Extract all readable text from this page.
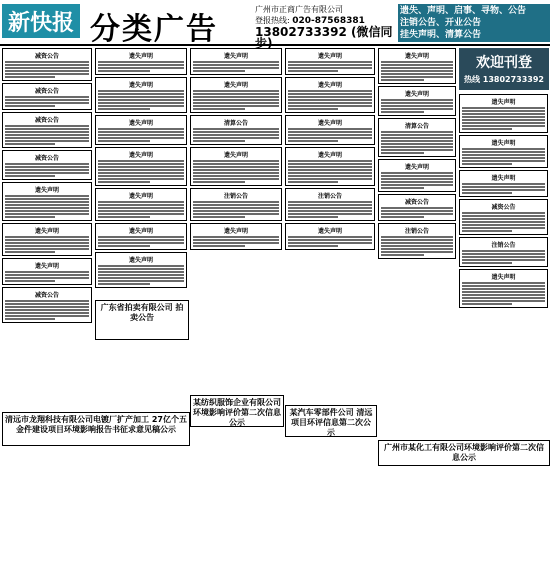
新快报 分类广告
广州市正商广告有限公司
登报热线: 020-87568381
13802733392 (微信同步)
遗失、声明、启事、寻物、公告
注销公告、开业公告
挂失声明、清算公告
欢迎刊登
热线 13802733392
减资公告
减资公告
减资公告
减资公告
遗失声明
遗失声明
遗失声明
减资公告
遗失声明
遗失声明
遗失声明
遗失声明
遗失声明
遗失声明
遗失声明
遗失声明
遗失声明
清算公告
遗失声明
注销公告
遗失声明
遗失声明
遗失声明
遗失声明
遗失声明
注销公告
遗失声明
遗失声明
遗失声明
清算公告
遗失声明
减资公告
注销公告
遗失声明
遗失声明
遗失声明
减资公告
注销公告
遗失声明
广东省拍卖有限公司 拍卖公告
清远市龙翔科技有限公司电镀厂扩产加工 27亿个五金件建设项目环境影响报告书征求意见稿公示
某纺织服饰企业有限公司 环境影响评价第二次信息公示
某汽车零部件公司 清远项目环评信息第二次公示
广州市某化工有限公司环境影响评价第二次信息公示
